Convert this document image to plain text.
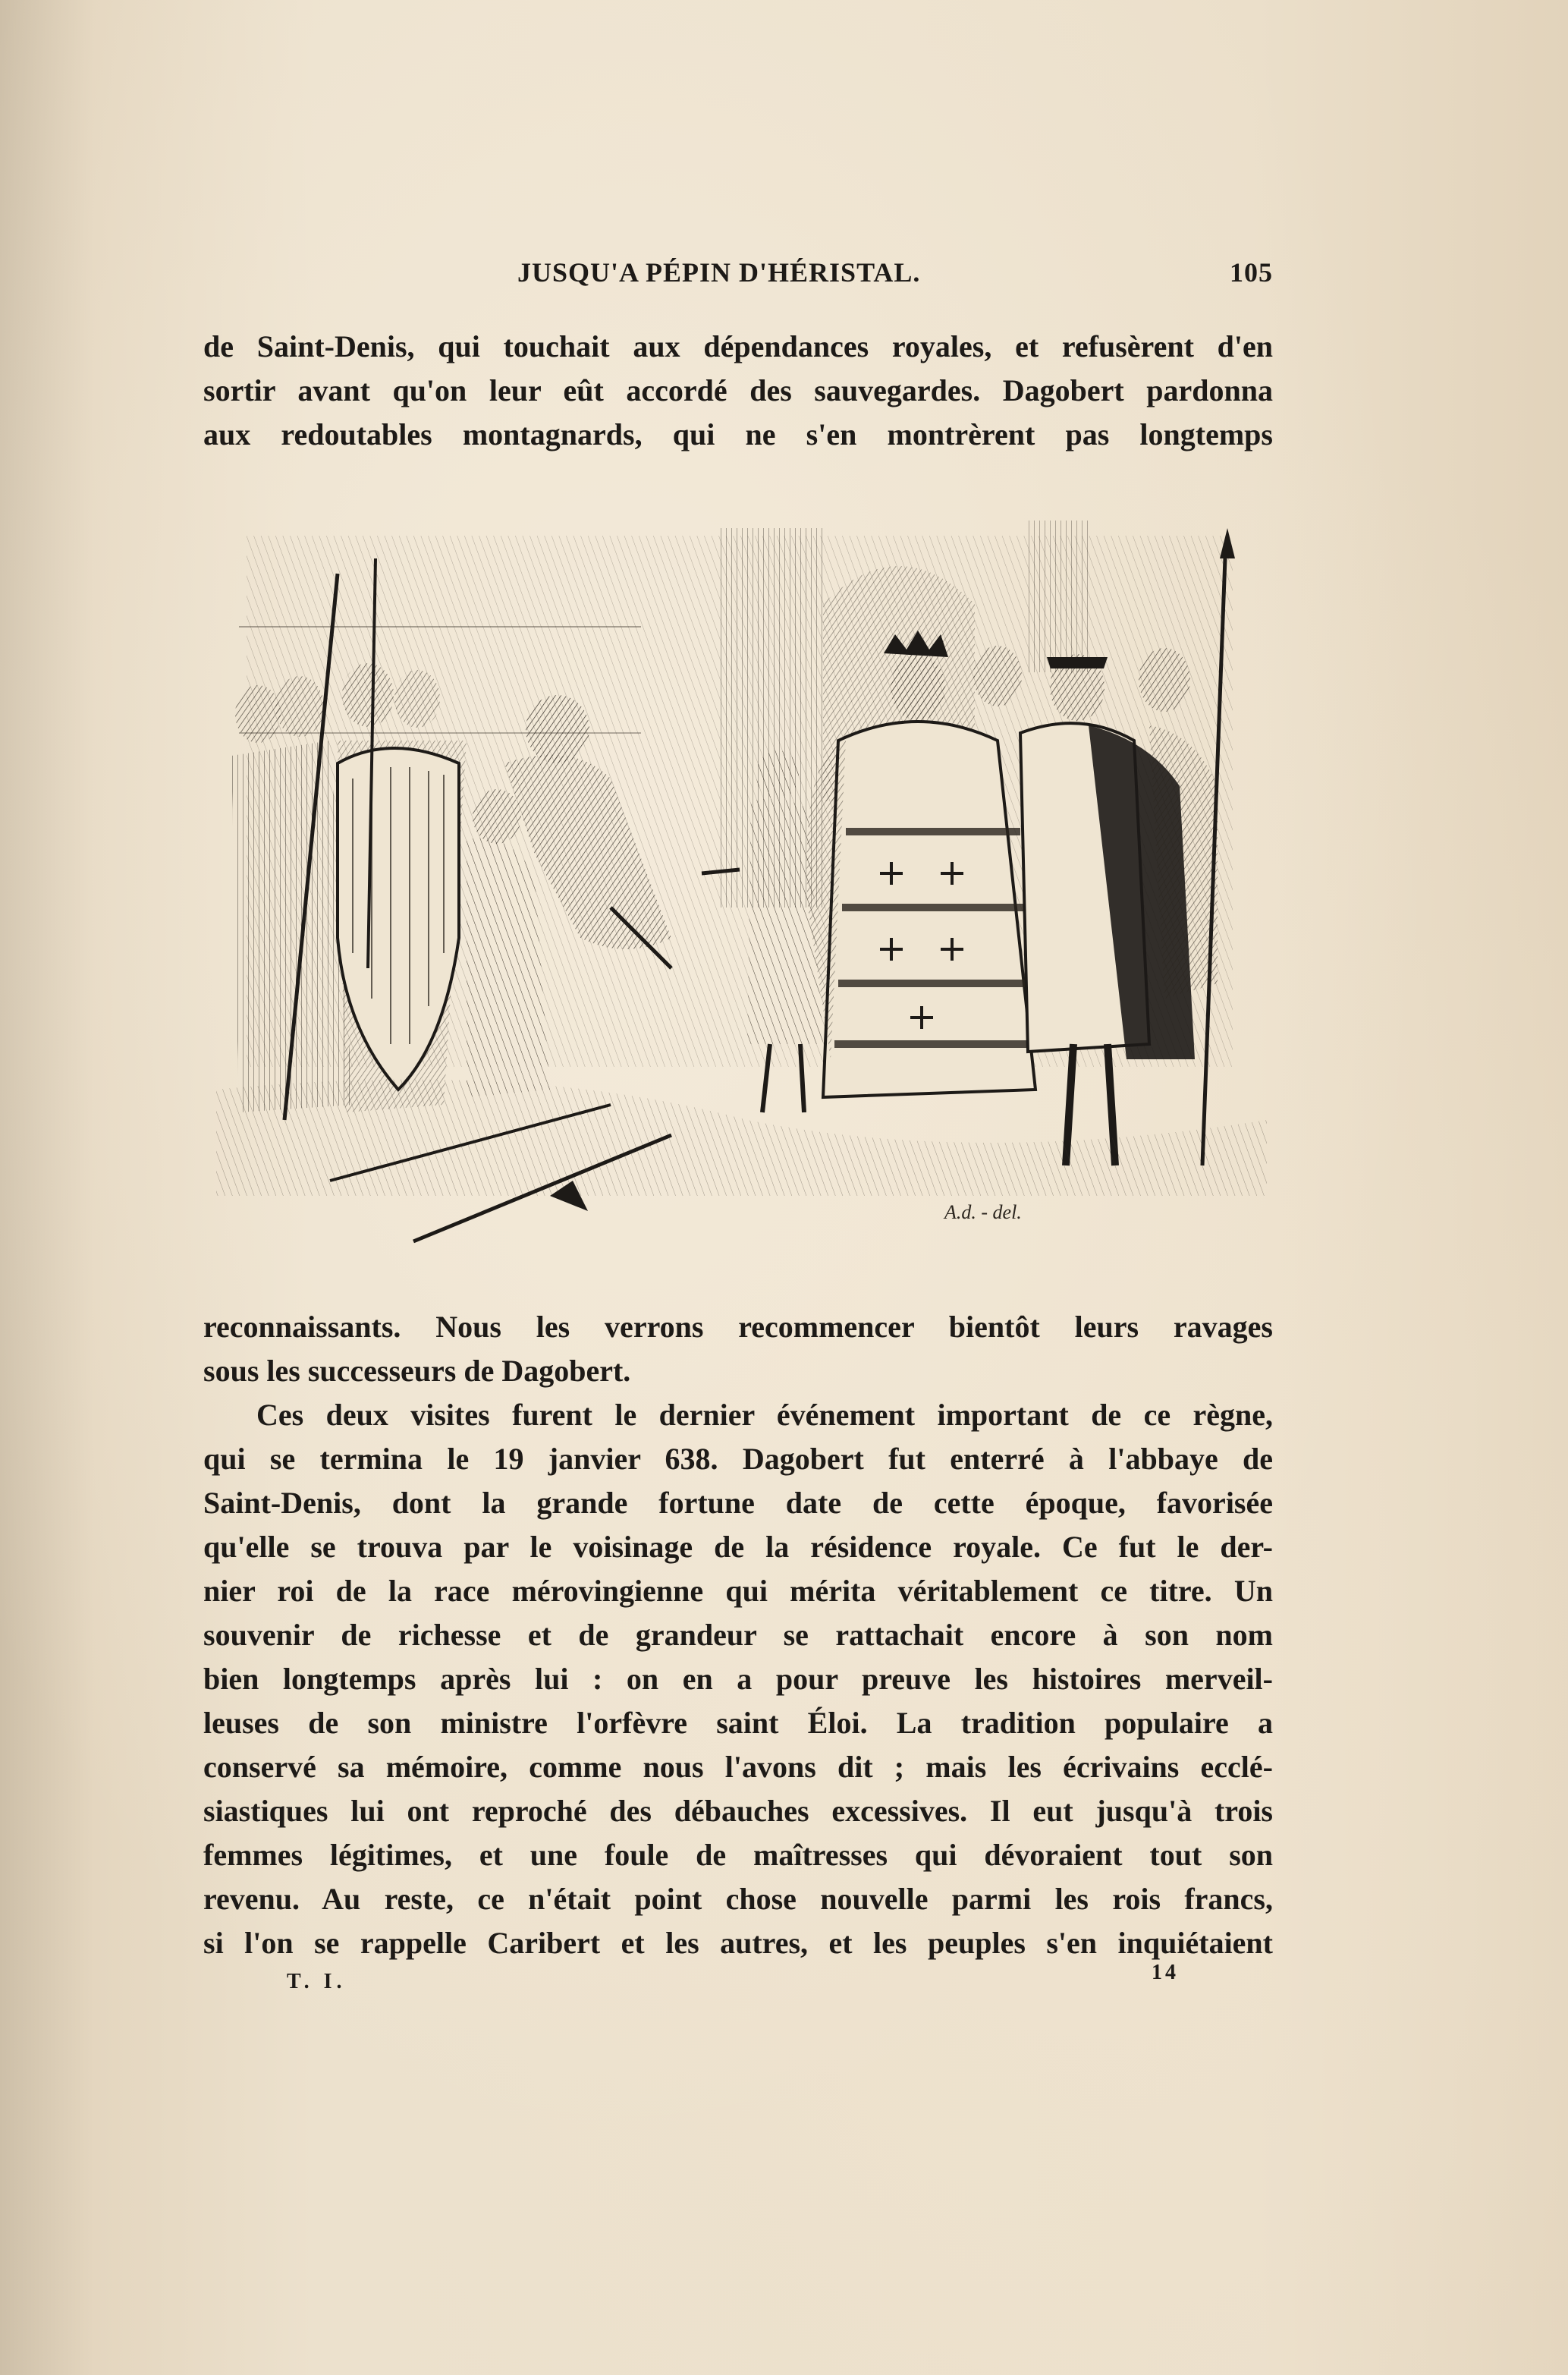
JUSQU'A PÉPIN D'HÉRISTAL.	105
de Saint-Denis, qui touchait aux dépendances royales, et refusèrent d'en
sortir avant qu'on leur eût accordé des sauvegardes. Dagobert pardonna
aux redoutables montagnards, qui ne s'en montrèrent pas longtemps
A.d. - del.
reconnaissants. Nous les verrons recommencer bientôt leurs ravages
sous les successeurs de Dagobert.
Ces deux visites furent le dernier événement important de ce règne,
qui se termina le 19 janvier 638. Dagobert fut enterré à l'abbaye de
Saint-Denis, dont la grande fortune date de cette époque, favorisée
qu'elle se trouva par le voisinage de la résidence royale. Ce fut le der-
nier roi de la race mérovingienne qui mérita véritablement ce titre. Un
souvenir de richesse et de grandeur se rattachait encore à son nom
bien longtemps après lui : on en a pour preuve les histoires merveil-
leuses de son ministre l'orfèvre saint Éloi. La tradition populaire a
conservé sa mémoire, comme nous l'avons dit ; mais les écrivains ecclé-
siastiques lui ont reproché des débauches excessives. Il eut jusqu'à trois
femmes légitimes, et une foule de maîtresses qui dévoraient tout son
revenu. Au reste, ce n'était point chose nouvelle parmi les rois francs,
si l'on se rappelle Caribert et les autres, et les peuples s'en inquiétaient
T. I.	14
